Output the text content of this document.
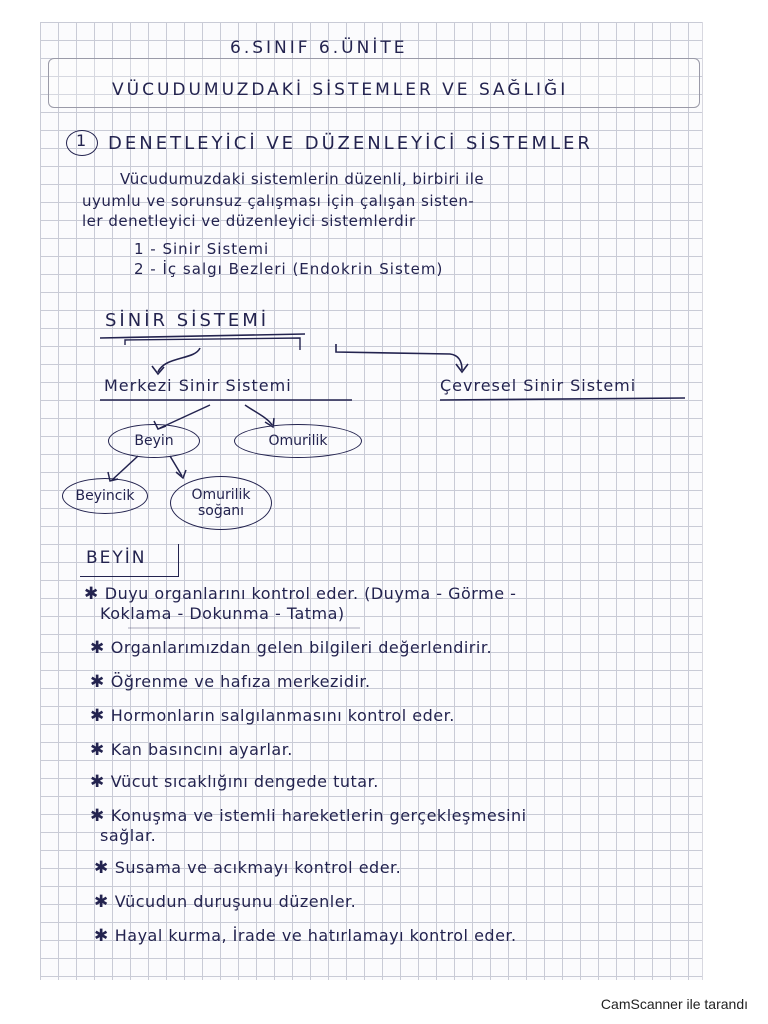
6.SINIF 6.ÜNİTE
VÜCUDUMUZDAKİ SİSTEMLER VE SAĞLIĞI
1 DENETLEYİCİ VE DÜZENLEYİCİ SİSTEMLER
Vücudumuzdaki sistemlerin düzenli, birbiri ile
uyumlu ve sorunsuz çalışması için çalışan sisten-
ler denetleyici ve düzenleyici sistemlerdir
1 - Sinir Sistemi
2 - İç salgı Bezleri (Endokrin Sistem)
SİNİR SİSTEMİ
Merkezi Sinir Sistemi	Çevresel Sinir Sistemi
Beyin	Omurilik
Beyincik	Omurilik soğanı
BEYİN
✱ Duyu organlarını kontrol eder. (Duyma - Görme -
Koklama - Dokunma - Tatma)
✱ Organlarımızdan gelen bilgileri değerlendirir.
✱ Öğrenme ve hafıza merkezidir.
✱ Hormonların salgılanmasını kontrol eder.
✱ Kan basıncını ayarlar.
✱ Vücut sıcaklığını dengede tutar.
✱ Konuşma ve istemli hareketlerin gerçekleşmesini
sağlar.
✱ Susama ve acıkmayı kontrol eder.
✱ Vücudun duruşunu düzenler.
✱ Hayal kurma, İrade ve hatırlamayı kontrol eder.
CamScanner ile tarandı
